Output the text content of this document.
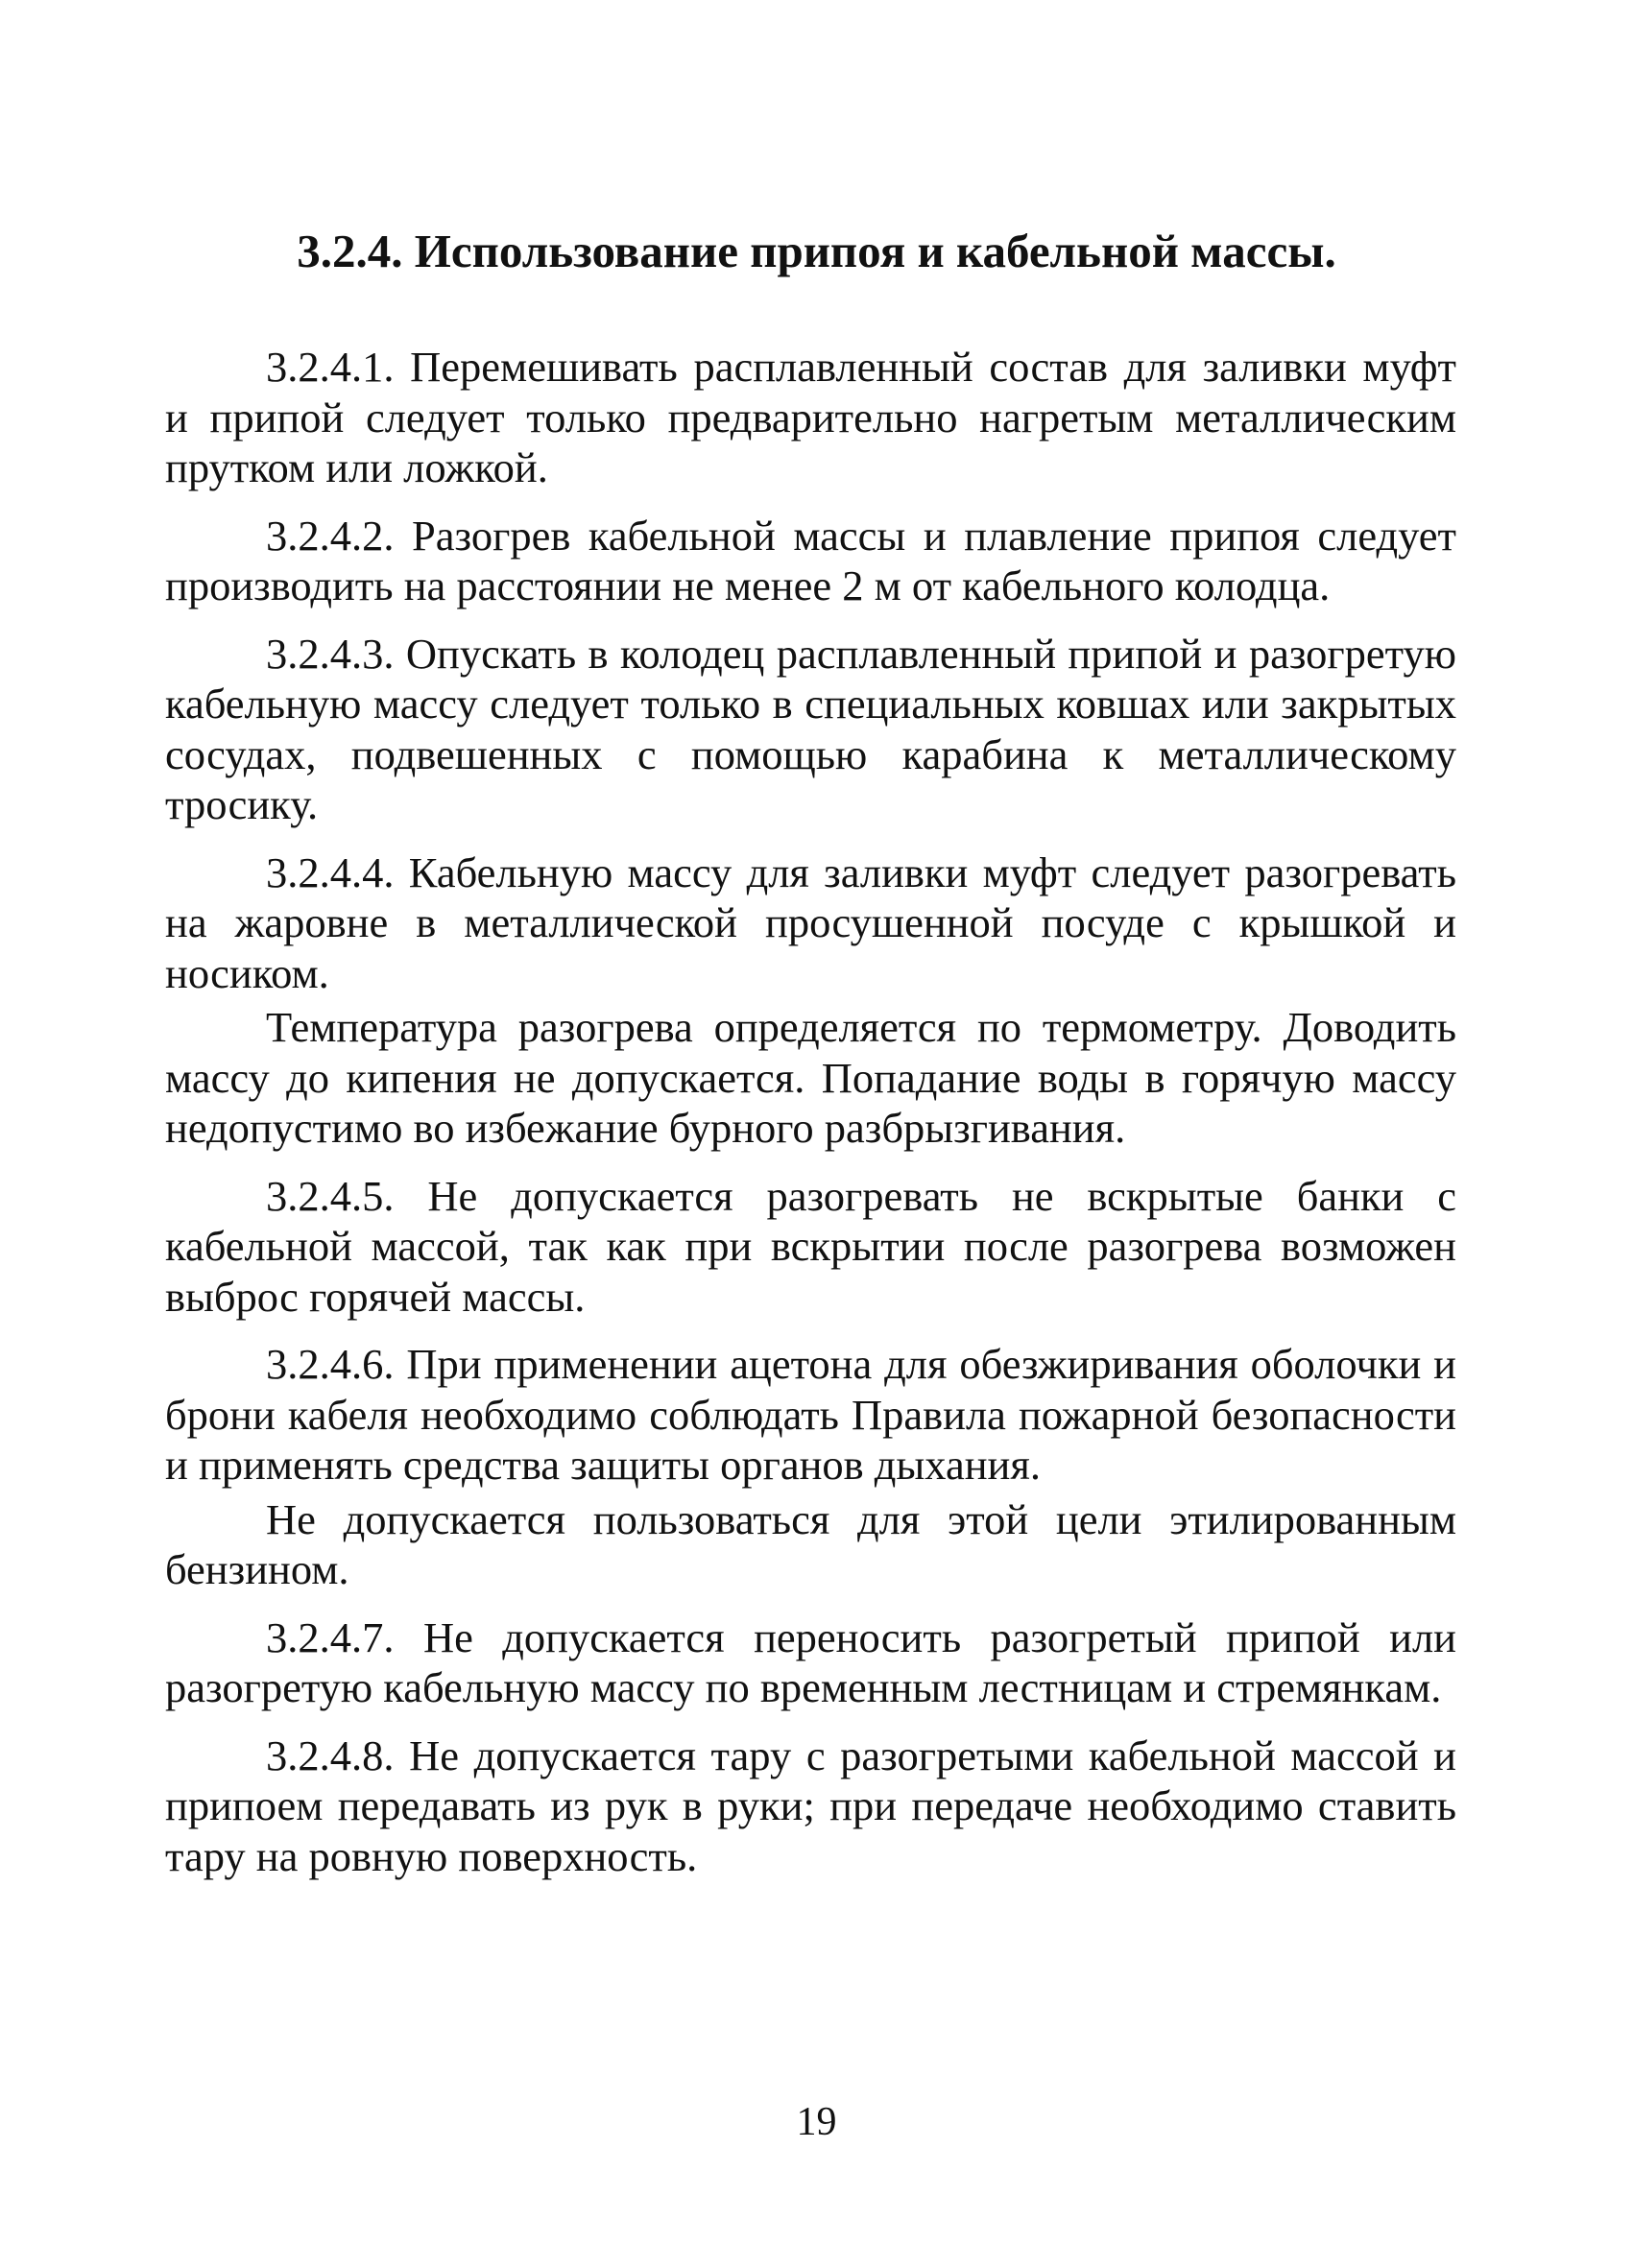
3.2.4. Использование припоя и кабельной массы.

3.2.4.1. Перемешивать расплавленный состав для заливки муфт и припой следует только предварительно нагретым металлическим прутком или ложкой.

3.2.4.2. Разогрев кабельной массы и плавление припоя следует производить на расстоянии не менее 2 м от кабельного колодца.

3.2.4.3. Опускать в колодец расплавленный припой и разогретую кабельную массу следует только в специальных ковшах или закрытых сосудах, подвешенных с помощью карабина к металлическому тросику.

3.2.4.4. Кабельную массу для заливки муфт следует разогревать на жаровне в металлической просушенной посуде с крышкой и носиком.

Температура разогрева определяется по термометру. Доводить массу до кипения не допускается. Попадание воды в горячую массу недопустимо во избежание бурного разбрызгивания.

3.2.4.5. Не допускается разогревать не вскрытые банки с кабельной массой, так как при вскрытии после разогрева возможен выброс горячей массы.

3.2.4.6. При применении ацетона для обезжиривания оболочки и брони кабеля необходимо соблюдать Правила пожарной безопасности и применять средства защиты органов дыхания.

Не допускается пользоваться для этой цели этилированным бензином.

3.2.4.7. Не допускается переносить разогретый припой или разогретую кабельную массу по временным лестницам и стремянкам.

3.2.4.8. Не допускается тару с разогретыми кабельной массой и припоем передавать из рук в руки; при передаче необходимо ставить тару на ровную поверхность.

19
